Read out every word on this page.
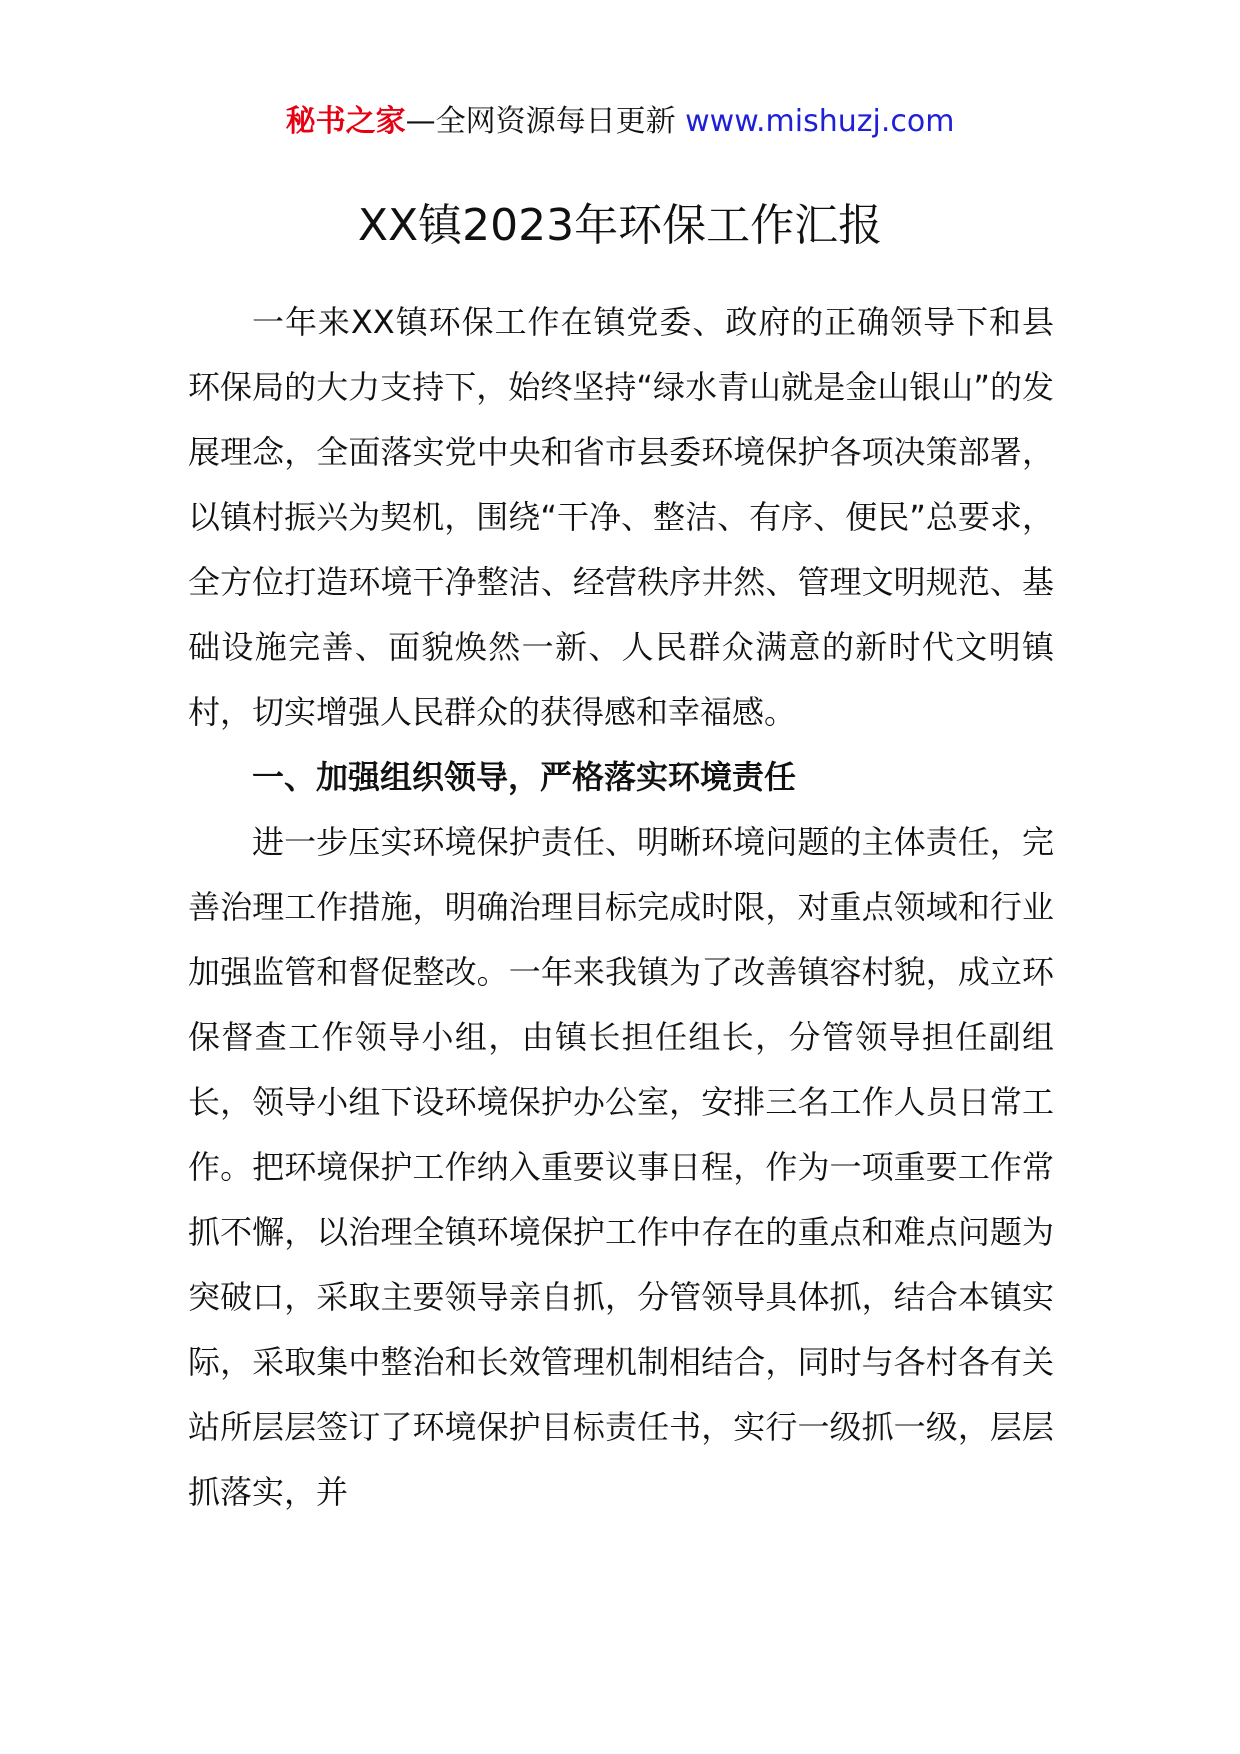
秘书之家—全网资源每日更新 www.mishuzj.com
XX镇2023年环保工作汇报

一年来XX镇环保工作在镇党委、政府的正确领导下和县环保局的大力支持下，始终坚持“绿水青山就是金山银山”的发展理念，全面落实党中央和省市县委环境保护各项决策部署，以镇村振兴为契机，围绕“干净、整洁、有序、便民”总要求，全方位打造环境干净整洁、经营秩序井然、管理文明规范、基础设施完善、面貌焕然一新、人民群众满意的新时代文明镇村，切实增强人民群众的获得感和幸福感。

一、加强组织领导，严格落实环境责任

进一步压实环境保护责任、明晰环境问题的主体责任，完善治理工作措施，明确治理目标完成时限，对重点领域和行业加强监管和督促整改。一年来我镇为了改善镇容村貌，成立环保督查工作领导小组，由镇长担任组长，分管领导担任副组长，领导小组下设环境保护办公室，安排三名工作人员日常工作。把环境保护工作纳入重要议事日程，作为一项重要工作常抓不懈，以治理全镇环境保护工作中存在的重点和难点问题为突破口，采取主要领导亲自抓，分管领导具体抓，结合本镇实际，采取集中整治和长效管理机制相结合，同时与各村各有关站所层层签订了环境保护目标责任书，实行一级抓一级，层层抓落实，并
